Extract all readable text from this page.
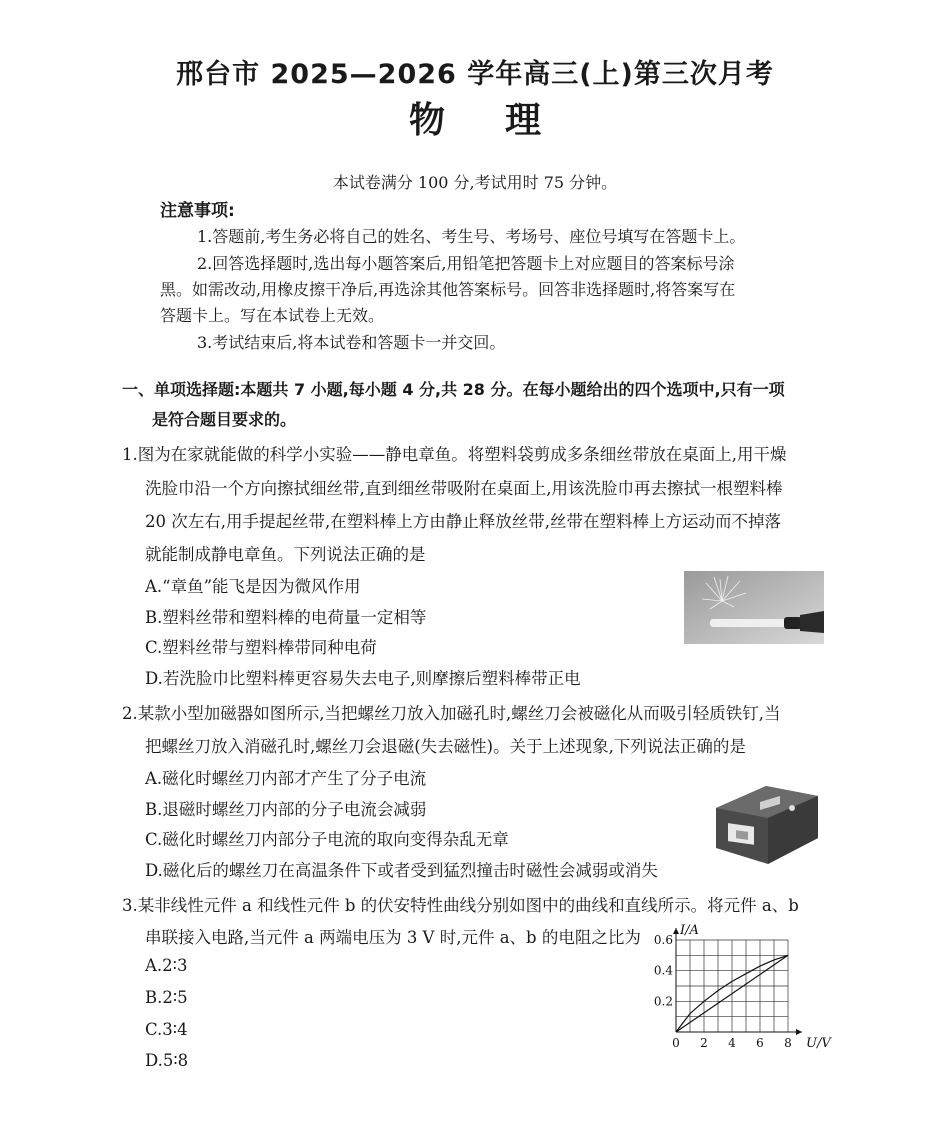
邢台市 2025—2026 学年高三(上)第三次月考
物理
本试卷满分 100 分,考试用时 75 分钟。
注意事项:
1.答题前,考生务必将自己的姓名、考生号、考场号、座位号填写在答题卡上。
2.回答选择题时,选出每小题答案后,用铅笔把答题卡上对应题目的答案标号涂
黑。如需改动,用橡皮擦干净后,再选涂其他答案标号。回答非选择题时,将答案写在
答题卡上。写在本试卷上无效。
3.考试结束后,将本试卷和答题卡一并交回。
一、单项选择题:本题共 7 小题,每小题 4 分,共 28 分。在每小题给出的四个选项中,只有一项
是符合题目要求的。
1.图为在家就能做的科学小实验——静电章鱼。将塑料袋剪成多条细丝带放在桌面上,用干燥
洗脸巾沿一个方向擦拭细丝带,直到细丝带吸附在桌面上,用该洗脸巾再去擦拭一根塑料棒
20 次左右,用手提起丝带,在塑料棒上方由静止释放丝带,丝带在塑料棒上方运动而不掉落
就能制成静电章鱼。下列说法正确的是
A.“章鱼”能飞是因为微风作用
B.塑料丝带和塑料棒的电荷量一定相等
C.塑料丝带与塑料棒带同种电荷
D.若洗脸巾比塑料棒更容易失去电子,则摩擦后塑料棒带正电
2.某款小型加磁器如图所示,当把螺丝刀放入加磁孔时,螺丝刀会被磁化从而吸引轻质铁钉,当
把螺丝刀放入消磁孔时,螺丝刀会退磁(失去磁性)。关于上述现象,下列说法正确的是
A.磁化时螺丝刀内部才产生了分子电流
B.退磁时螺丝刀内部的分子电流会减弱
C.磁化时螺丝刀内部分子电流的取向变得杂乱无章
D.磁化后的螺丝刀在高温条件下或者受到猛烈撞击时磁性会减弱或消失
3.某非线性元件 a 和线性元件 b 的伏安特性曲线分别如图中的曲线和直线所示。将元件 a、b
串联接入电路,当元件 a 两端电压为 3 V 时,元件 a、b 的电阻之比为
A.2∶3
B.2∶5
C.3∶4
D.5∶8
0 2 4 6 8
0.2
0.4
0.6
U/V
I/A
